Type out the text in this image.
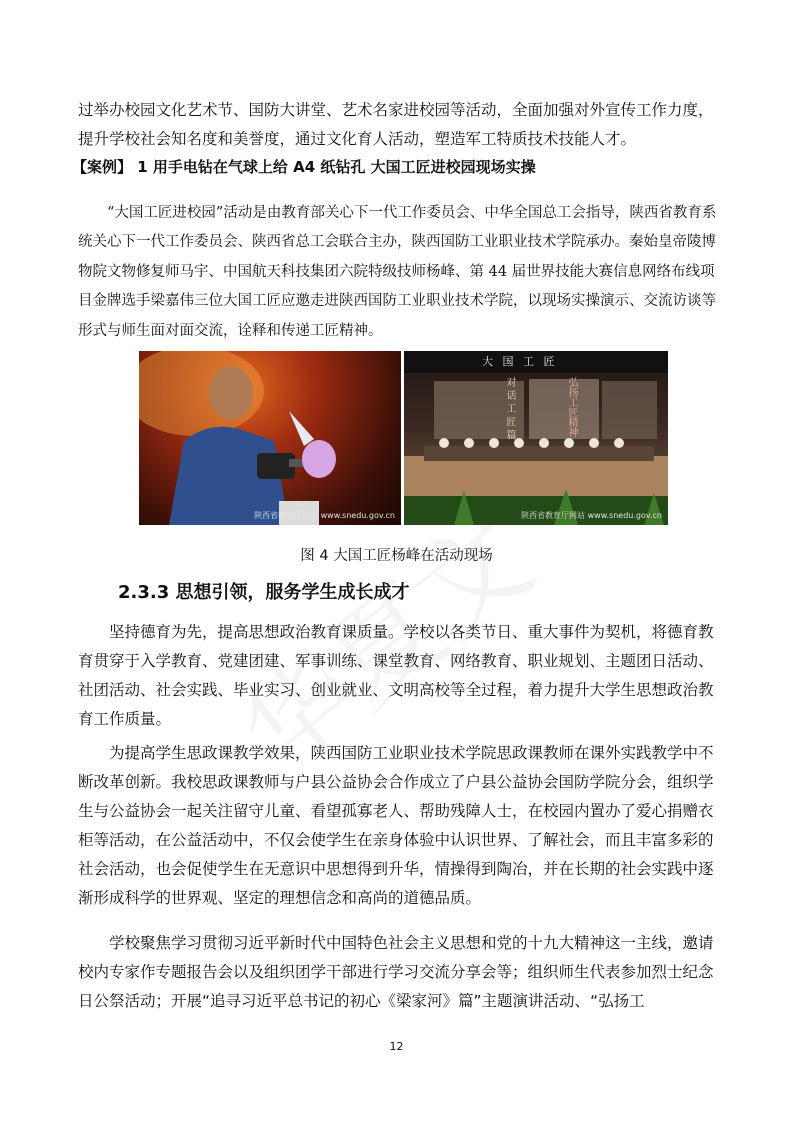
过举办校园文化艺术节、国防大讲堂、艺术名家进校园等活动，全面加强对外宣传工作力度，提升学校社会知名度和美誉度，通过文化育人活动，塑造军工特质技术技能人才。

【案例】 1 用手电钻在气球上给 A4 纸钻孔 大国工匠进校园现场实操

“大国工匠进校园”活动是由教育部关心下一代工作委员会、中华全国总工会指导，陕西省教育系统关心下一代工作委员会、陕西省总工会联合主办，陕西国防工业职业技术学院承办。秦始皇帝陵博物院文物修复师马宇、中国航天科技集团六院特级技师杨峰、第 44 届世界技能大赛信息网络布线项目金牌选手梁嘉伟三位大国工匠应邀走进陕西国防工业职业技术学院，以现场实操演示、交流访谈等形式与师生面对面交流，诠释和传递工匠精神。

陕西省教育厅网站 www.snedu.gov.cn
大 国 工 匠
对 话 工 匠 篇	弘扬工匠精神
陕西省教育厅网站 www.snedu.gov.cn
图 4 大国工匠杨峰在活动现场
2.3.3 思想引领，服务学生成长成才

坚持德育为先，提高思想政治教育课质量。学校以各类节日、重大事件为契机，将德育教育贯穿于入学教育、党建团建、军事训练、课堂教育、网络教育、职业规划、主题团日活动、社团活动、社会实践、毕业实习、创业就业、文明高校等全过程，着力提升大学生思想政治教育工作质量。

为提高学生思政课教学效果，陕西国防工业职业技术学院思政课教师在课外实践教学中不断改革创新。我校思政课教师与户县公益协会合作成立了户县公益协会国防学院分会，组织学生与公益协会一起关注留守儿童、看望孤寡老人、帮助残障人士，在校园内置办了爱心捐赠衣柜等活动，在公益活动中，不仅会使学生在亲身体验中认识世界、了解社会，而且丰富多彩的社会活动，也会促使学生在无意识中思想得到升华，情操得到陶冶，并在长期的社会实践中逐渐形成科学的世界观、坚定的理想信念和高尚的道德品质。

学校聚焦学习贯彻习近平新时代中国特色社会主义思想和党的十九大精神这一主线，邀请校内专家作专题报告会以及组织团学干部进行学习交流分享会等；组织师生代表参加烈士纪念日公祭活动；开展“追寻习近平总书记的初心《梁家河》篇”主题演讲活动、“弘扬工

12
